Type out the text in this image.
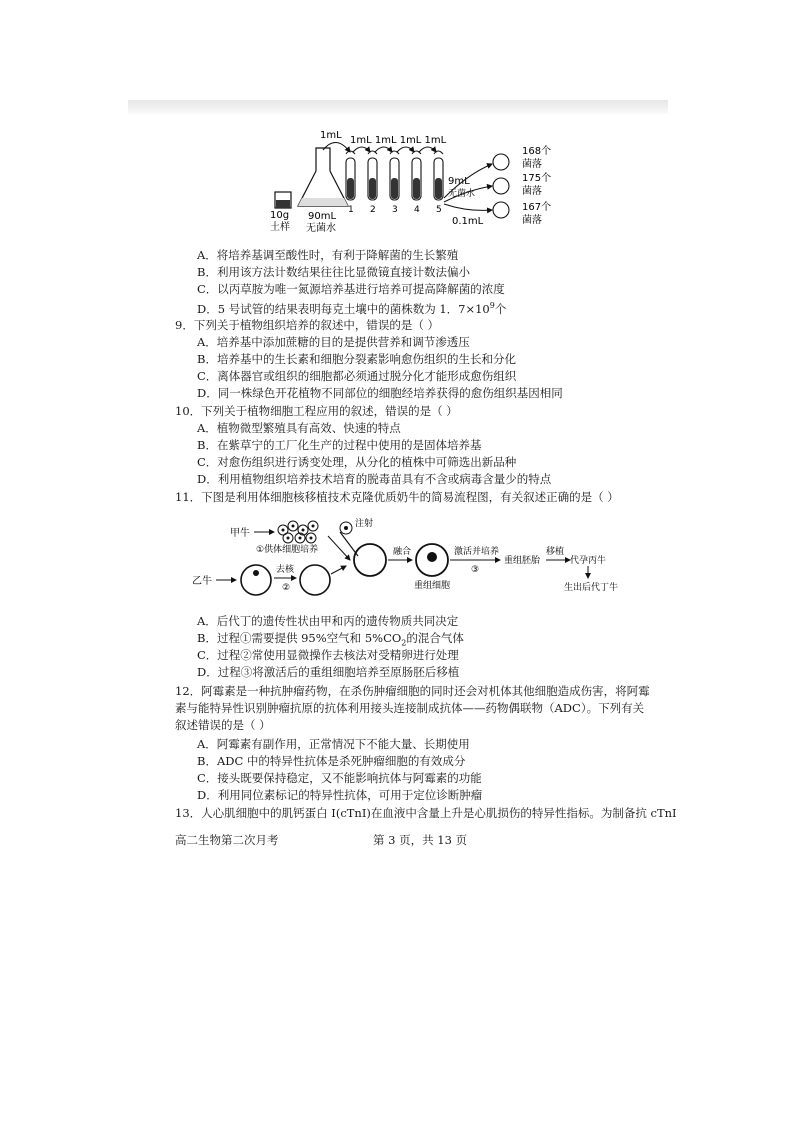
10g
土样
90mL
无菌水
1mL 1mL 1mL 1mL 1mL
1 2 3 4 5
9mL
无菌水
0.1mL
168个
菌落
175个
菌落
167个
菌落
A．将培养基调至酸性时，有利于降解菌的生长繁殖
B．利用该方法计数结果往往比显微镜直接计数法偏小
C．以丙草胺为唯一氮源培养基进行培养可提高降解菌的浓度
D．5 号试管的结果表明每克土壤中的菌株数为 1．$7\times 10^9$个
9．下列关于植物组织培养的叙述中，错误的是（ ）
A．培养基中添加蔗糖的目的是提供营养和调节渗透压
B．培养基中的生长素和细胞分裂素影响愈伤组织的生长和分化
C．离体器官或组织的细胞都必须通过脱分化才能形成愈伤组织
D．同一株绿色开花植物不同部位的细胞经培养获得的愈伤组织基因相同
10．下列关于植物细胞工程应用的叙述，错误的是（ ）
A．植物微型繁殖具有高效、快速的特点
B．在紫草宁的工厂化生产的过程中使用的是固体培养基
C．对愈伤组织进行诱变处理，从分化的植株中可筛选出新品种
D．利用植物组织培养技术培育的脱毒苗具有不含或病毒含量少的特点
11．下图是利用体细胞核移植技术克隆优质奶牛的简易流程图，有关叙述正确的是（ ）
甲牛
①供体细胞培养
注射
乙牛
去核
②
融合
重组细胞
激活并培养
③
重组胚胎
移植
代孕丙牛
生出后代丁牛
A．后代丁的遗传性状由甲和丙的遗传物质共同决定
B．过程①需要提供 95%空气和 $5\%CO_2$的混合气体
C．过程②常使用显微操作去核法对受精卵进行处理
D．过程③将激活后的重组细胞培养至原肠胚后移植
12．阿霉素是一种抗肿瘤药物，在杀伤肿瘤细胞的同时还会对机体其他细胞造成伤害，将阿霉
素与能特异性识别肿瘤抗原的抗体利用接头连接制成抗体——药物偶联物（ADC）。下列有关
叙述错误的是（ ）
A．阿霉素有副作用，正常情况下不能大量、长期使用
B．ADC 中的特异性抗体是杀死肿瘤细胞的有效成分
C．接头既要保持稳定，又不能影响抗体与阿霉素的功能
D．利用同位素标记的特异性抗体，可用于定位诊断肿瘤
13．人心肌细胞中的肌钙蛋白 I(cTnI)在血液中含量上升是心肌损伤的特异性指标。为制备抗 cTnI
高二生物第二次月考	第 3 页，共 13 页
